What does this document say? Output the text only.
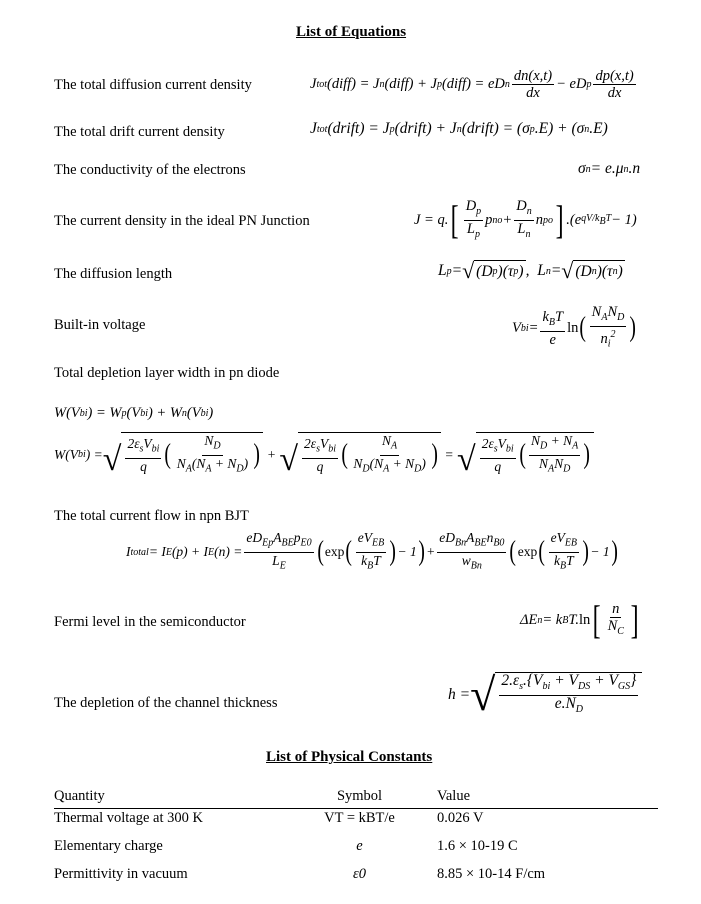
List of Equations
The total diffusion current density	J tot (diff) = J n (diff) + J p (diff) = eD n $\frac{dn(x,t)}{dx}$ − eD p $\frac{dp(x,t)}{dx}$
The total drift current density	J tot (drift) = J p (drift) + J n (drift) = (σ p .E) + (σ n .E)
The conductivity of the electrons	σ n = e.μ n .n
The current density in the ideal PN Junction	J = q. [ $\frac{D_p}{L_p}$ p no + $\frac{D_n}{L_n}$ n po ] .(e $qV/k_BT - 1$)
The diffusion length	L p = √ (D p )(τ p ) ,  L n = √ (D n )(τ n )
Built-in voltage	V bi = $\frac{k_BT}{e}$ ln ( $\frac{N_AN_D}{n_i^2}$ )
Total depletion layer width in pn diode
W(V bi ) = W p (V bi ) + W n (V bi )
W(V bi ) = √ $\frac{2\varepsilon_sV_{bi}}{q}$ ( $\frac{N_D}{N_A(N_A + N_D)}$ ) + √ $\frac{2\varepsilon_sV_{bi}}{q}$ ( $\frac{N_A}{N_D(N_A + N_D)}$ ) = √ $\frac{2\varepsilon_sV_{bi}}{q}$ ( $\frac{N_D + N_A}{N_AN_D}$ )
The total current flow in npn BJT
I total = I E (p) + I E $(n) = \frac{eD_{Ep}A_{BE}p_{E0}}{L_E}$ ( exp ( $\frac{eV_{EB}}{k_BT}$ ) − 1 ) + $\frac{eD_{Bn}A_{BE}n_{B0}}{w_{Bn}}$ ( exp ( $\frac{eV_{EB}}{k_BT}$ ) − 1 )
Fermi level in the semiconductor	ΔE n = k B T. ln [ $\frac{n}{N_C}$ ]
The depletion of the channel thickness	h = √ $\frac{2.\varepsilon_s.\{V_{bi} + V_{DS} + V_{GS}\}}{e.N_D}$
List of Physical Constants
Quantity	Symbol	Value
Thermal voltage at 300 K	VT = kBT/e	0.026 V
Elementary charge	e	1.6 × 10-19 C
Permittivity in vacuum	ε0	8.85 × 10-14 F/cm
